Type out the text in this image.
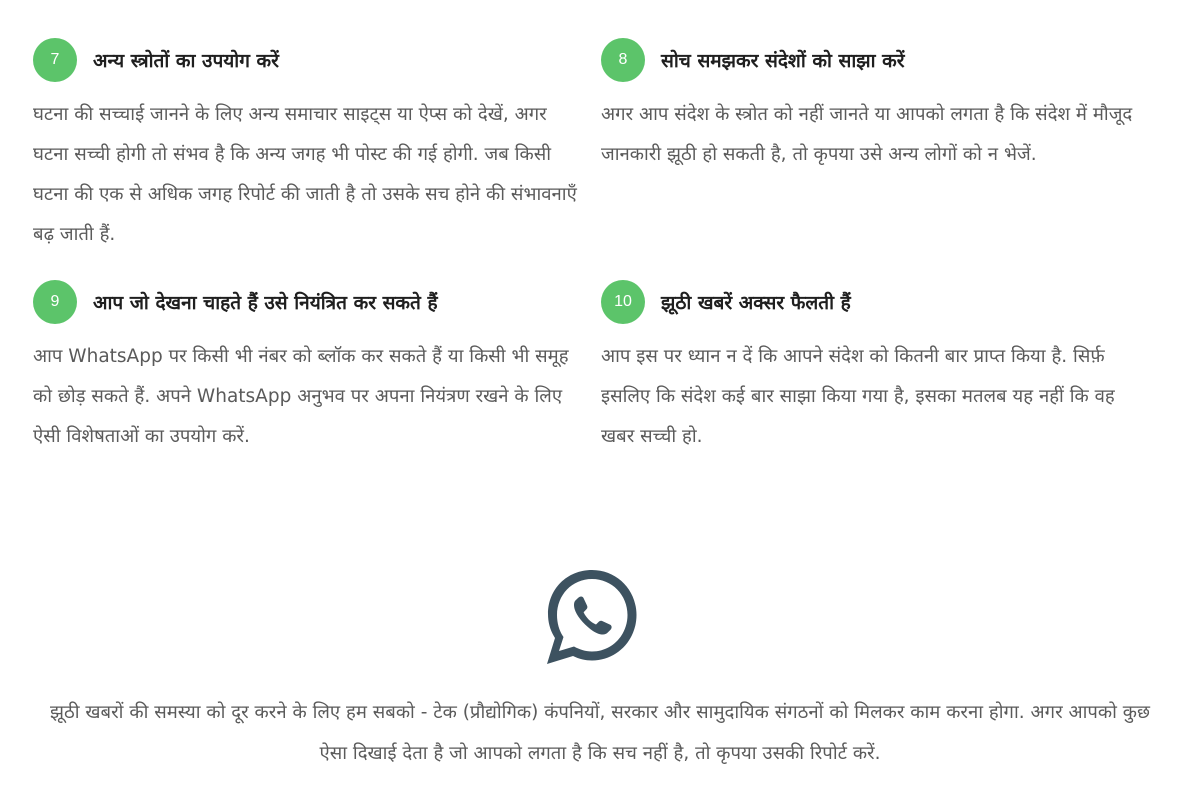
7	अन्य स्त्रोतों का उपयोग करें

घटना की सच्चाई जानने के लिए अन्य समाचार साइट्स या ऐप्स को देखें, अगर घटना सच्ची होगी तो संभव है कि अन्य जगह भी पोस्ट की गई होगी. जब किसी घटना की एक से अधिक जगह रिपोर्ट की जाती है तो उसके सच होने की संभावनाएँ बढ़ जाती हैं.

8	सोच समझकर संदेशों को साझा करें

अगर आप संदेश के स्त्रोत को नहीं जानते या आपको लगता है कि संदेश में मौजूद जानकारी झूठी हो सकती है, तो कृपया उसे अन्य लोगों को न भेजें.

9	आप जो देखना चाहते हैं उसे नियंत्रित कर सकते हैं

आप WhatsApp पर किसी भी नंबर को ब्लॉक कर सकते हैं या किसी भी समूह को छोड़ सकते हैं. अपने WhatsApp अनुभव पर अपना नियंत्रण रखने के लिए ऐसी विशेषताओं का उपयोग करें.

10	झूठी खबरें अक्सर फैलती हैं

आप इस पर ध्यान न दें कि आपने संदेश को कितनी बार प्राप्त किया है. सिर्फ़ इसलिए कि संदेश कई बार साझा किया गया है, इसका मतलब यह नहीं कि वह खबर सच्ची हो.

झूठी खबरों की समस्या को दूर करने के लिए हम सबको - टेक (प्रौद्योगिक) कंपनियों, सरकार और सामुदायिक संगठनों को मिलकर काम करना होगा. अगर आपको कुछ ऐसा दिखाई देता है जो आपको लगता है कि सच नहीं है, तो कृपया उसकी रिपोर्ट करें.
